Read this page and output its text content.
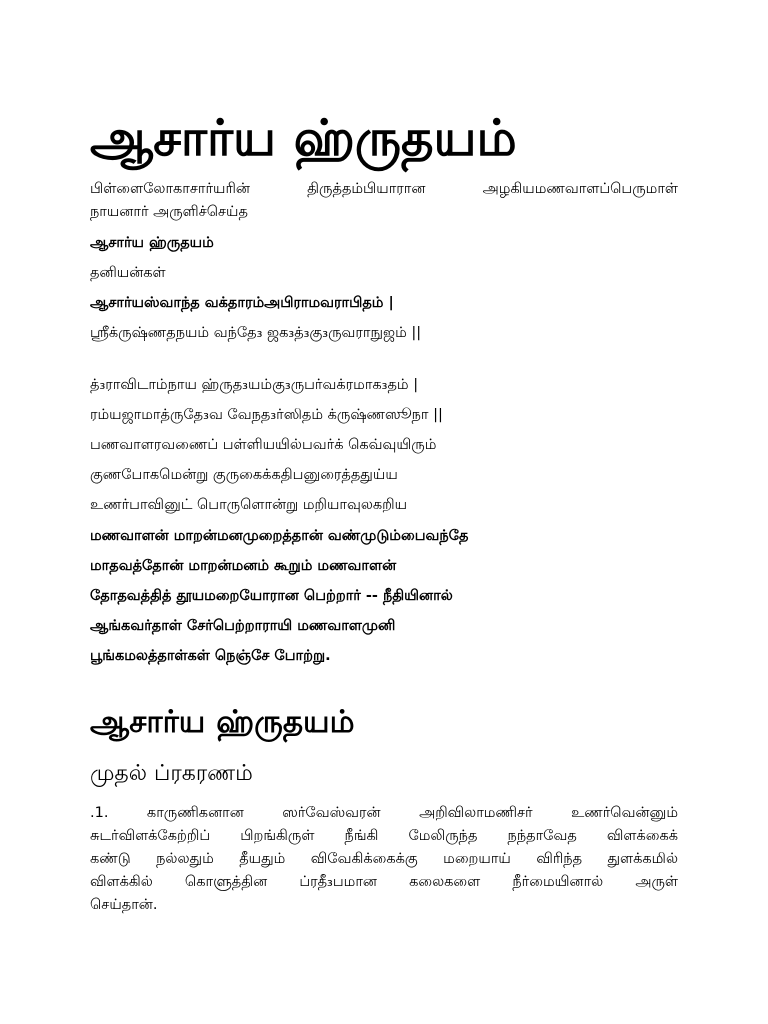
ஆசார்ய ஹ்ருதயம்
பிள்ளைலோகாசார்யரின் திருத்தம்பியாரான அழகியமணவாளப்பெருமாள்
நாயனார் அருளிச்செய்த
ஆசார்ய ஹ்ருதயம்
தனியன்கள்
ஆசார்யஸ்வாந்த வக்தாரம்அபிராமவராபிதம் |
ஸ்ரீக்ருஷ்ணதநயம் வந்தே₃ ஜக₃த்₃கு₃ருவராநுஜம் ||
த்₃ராவிடாம்நாய ஹ்ருத₃யம்கு₃ருபர்வக்ரமாக₃தம் |
ரம்யஜாமாத்ருதே₃வ வேநத₃ர்ஸிதம் க்ருஷ்ணஸூநா ||
பணவாளரவணைப் பள்ளியயில்பவர்க் கெவ்வுயிரும்
குணபோகமென்று குருகைக்கதிபனுரைத்ததுய்ய
உணர்பாவினுட் பொருளொன்று மறியாவுலகறிய
மணவாளன் மாறன்மனமுறைத்தான் வண்முடும்பைவந்தே
மாதவத்தோன் மாறன்மனம் கூறும் மணவாளன்
தோதவத்தித் தூயமறையோரான பெற்றார் -- நீதியினால்
ஆங்கவர்தாள் சேர்பெற்றாராயி மணவாளமுனி
பூங்கமலத்தாள்கள் நெஞ்சே போற்று.
ஆசார்ய ஹ்ருதயம்
முதல் ப்ரகரணம்
.1. காருணிகனான ஸர்வேஸ்வரன் அறிவிலாமணிசர் உணர்வென்னும்
சுடர்விளக்கேற்றிப் பிறங்கிருள் நீங்கி மேலிருந்த நந்தாவேத விளக்கைக்
கண்டு நல்லதும் தீயதும் விவேகிக்கைக்கு மறையாய் விரிந்த துளக்கமில்
விளக்கில் கொளுத்தின ப்ரதீ₃பமான கலைகளை நீர்மையினால் அருள்
செய்தான்.
